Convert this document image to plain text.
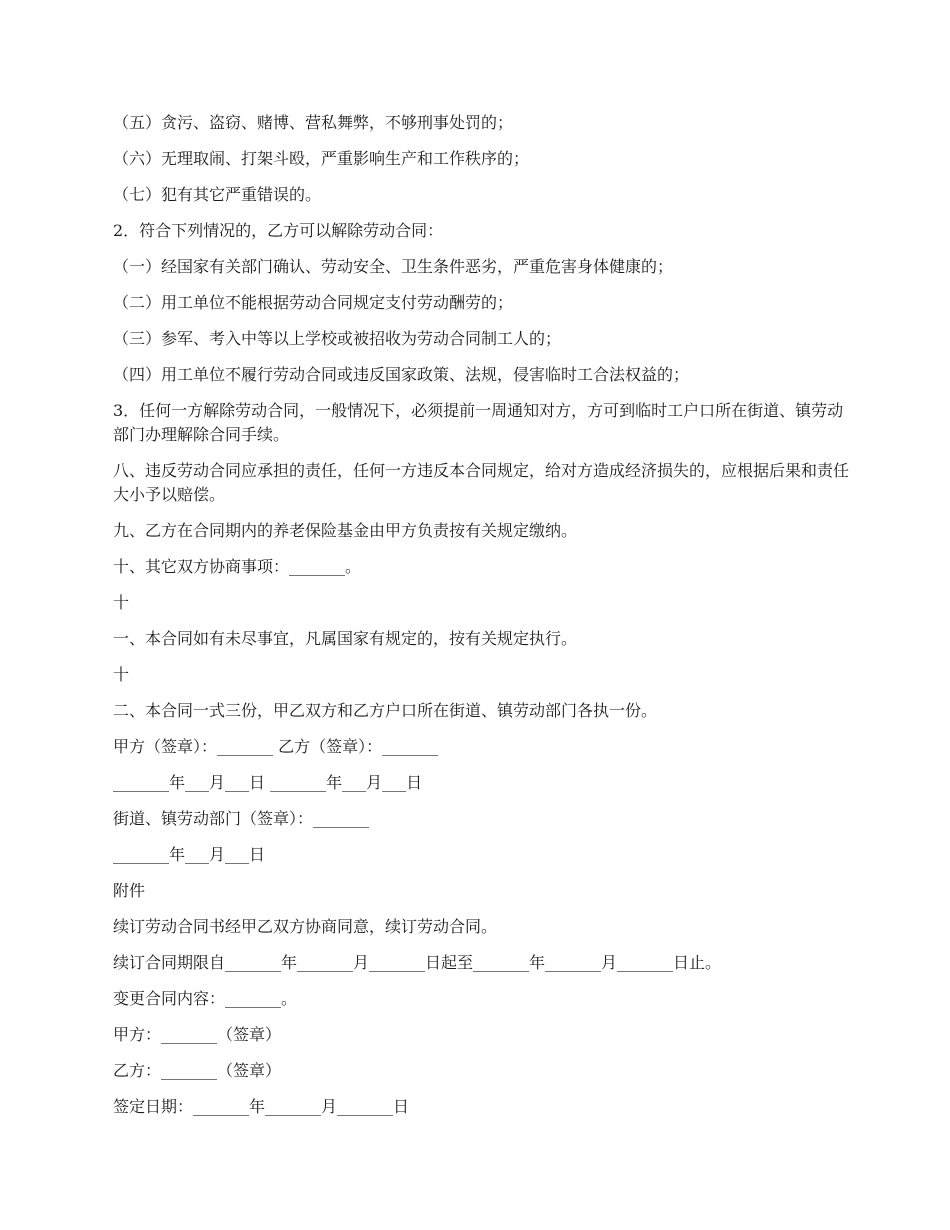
（五）贪污、盗窃、赌博、营私舞弊，不够刑事处罚的；

（六）无理取闹、打架斗殴，严重影响生产和工作秩序的；

（七）犯有其它严重错误的。

2．符合下列情况的，乙方可以解除劳动合同：

（一）经国家有关部门确认、劳动安全、卫生条件恶劣，严重危害身体健康的；

（二）用工单位不能根据劳动合同规定支付劳动酬劳的；

（三）参军、考入中等以上学校或被招收为劳动合同制工人的；

（四）用工单位不履行劳动合同或违反国家政策、法规，侵害临时工合法权益的；

3．任何一方解除劳动合同，一般情况下，必须提前一周通知对方，方可到临时工户口所在街道、镇劳动部门办理解除合同手续。

八、违反劳动合同应承担的责任，任何一方违反本合同规定，给对方造成经济损失的，应根据后果和责任大小予以赔偿。

九、乙方在合同期内的养老保险基金由甲方负责按有关规定缴纳。

十、其它双方协商事项：_______。

十

一、本合同如有未尽事宜，凡属国家有规定的，按有关规定执行。

十

二、本合同一式三份，甲乙双方和乙方户口所在街道、镇劳动部门各执一份。

甲方（签章）：_______ 乙方（签章）：_______

_______年___月___日 _______年___月___日

街道、镇劳动部门（签章）：_______

_______年___月___日

附件

续订劳动合同书经甲乙双方协商同意，续订劳动合同。

续订合同期限自_______年_______月_______日起至_______年_______月_______日止。

变更合同内容：_______。

甲方：_______（签章）

乙方：_______（签章）

签定日期：_______年_______月_______日
